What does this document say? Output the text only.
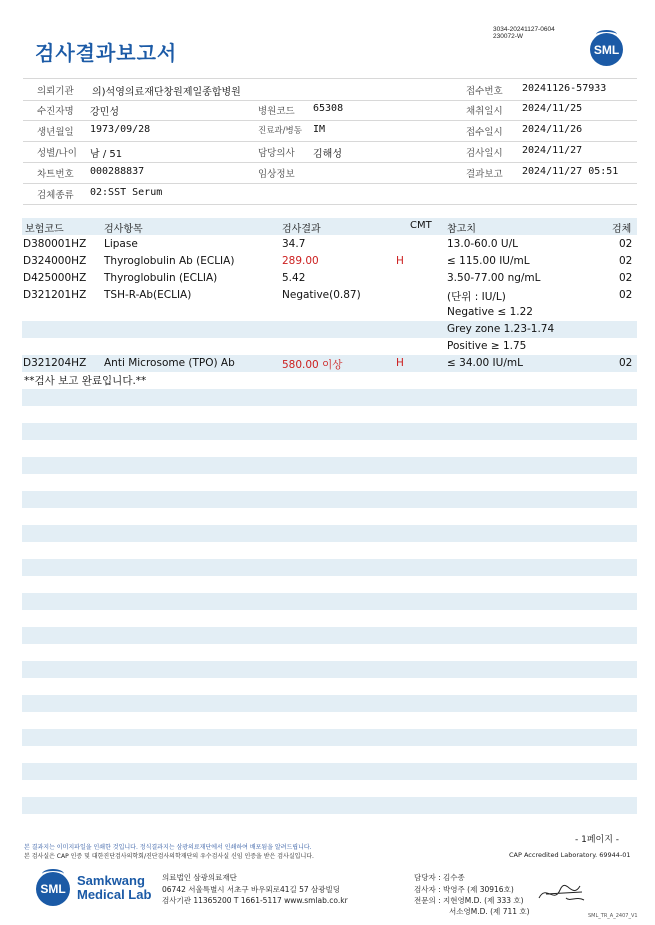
검사결과보고서
3034-20241127-0604
230072-W
SML
의뢰기관 의)석영의료재단창원제일종합병원	접수번호 20241126-57933
수진자명 강민성	병원코드 65308	채취일시 2024/11/25
생년월일 1973/09/28	진료과/병동 IM	접수일시 2024/11/26
성별/나이 남 / 51	담당의사 김해성	검사일시 2024/11/27
차트번호 000288837	임상정보	결과보고 2024/11/27 05:51
검체종류 02:SST Serum
보험코드	검사항목	검사결과	CMT 참고치	검체
D380001HZ Lipase	34.7	13.0-60.0 U/L	02
D324000HZ Thyroglobulin Ab (ECLIA)	289.00	H	≤ 115.00 IU/mL	02
D425000HZ Thyroglobulin (ECLIA)	5.42	3.50-77.00 ng/mL	02
D321201HZ TSH-R-Ab(ECLIA)	Negative(0.87)	(단위 : IU/L)	02
Negative ≤ 1.22
Grey zone 1.23-1.74
Positive ≥ 1.75
D321204HZ Anti Microsome (TPO) Ab	580.00 이상	H	≤ 34.00 IU/mL	02
**검사 보고 완료입니다.**
- 1페이지 -
본 결과지는 이미지파일을 인쇄한 것입니다. 정식결과지는 삼광의료재단에서 인쇄하여 배포됨을 알려드립니다.
본 검사실은 CAP 인증 및 대한진단검사의학회/진단검사의학재단의 우수검사실 신임 인증을 받은 검사실입니다.	CAP Accredited Laboratory. 69944-01
SML
Samkwang
Medical Lab
의료법인 삼광의료재단
06742 서울특별시 서초구 바우뫼로41길 57 삼광빌딩
검사기관 11365200 T 1661-5117 www.smlab.co.kr
담당자 : 김수종
검사자 : 박영주 (제 30916호)
전문의 : 지현영M.D. (제 333 호)
서소영M.D. (제 711 호)	SML_TR_A_2407_V1
